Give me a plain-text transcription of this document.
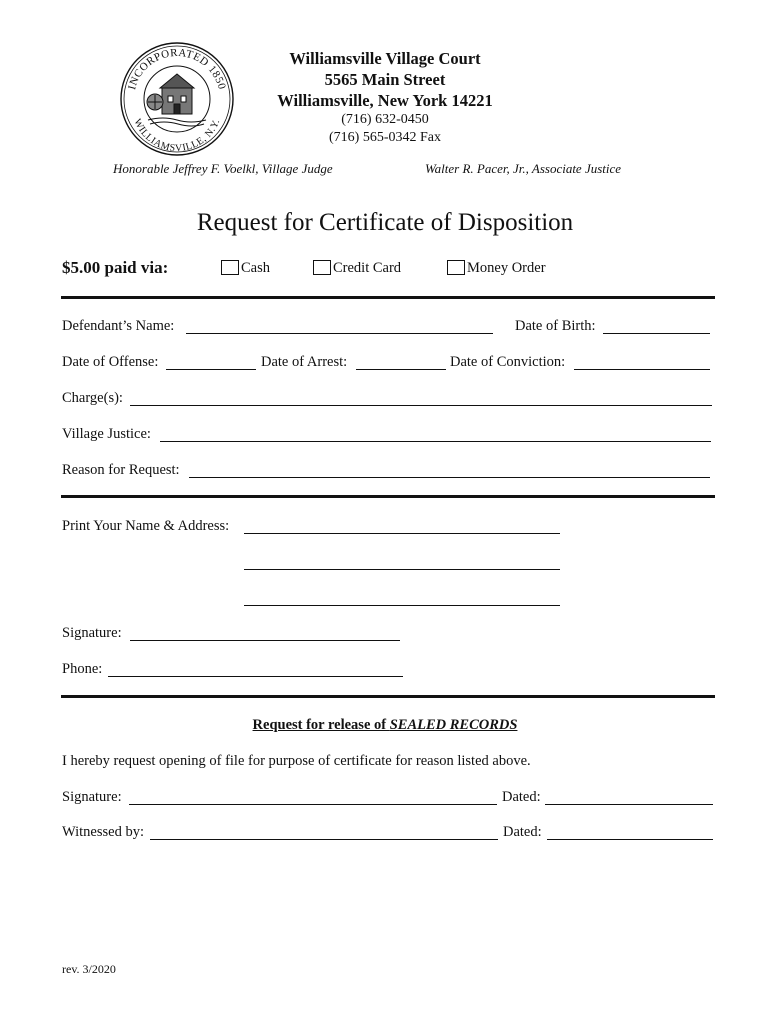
INCORPORATED 1850
WILLIAMSVILLE, N.Y.
Williamsville Village Court
5565 Main Street
Williamsville, New York 14221
(716) 632-0450
(716) 565-0342 Fax
Honorable Jeffrey F. Voelkl, Village Judge	Walter R. Pacer, Jr., Associate Justice
Request for Certificate of Disposition
$5.00 paid via:	Cash	Credit Card	Money Order
Defendant’s Name:	Date of Birth:
Date of Offense:	Date of Arrest:	Date of Conviction:
Charge(s):
Village Justice:
Reason for Request:
Print Your Name & Address:
Signature:
Phone:
Request for release of SEALED RECORDS
I hereby request opening of file for purpose of certificate for reason listed above.
Signature:	Dated:
Witnessed by:	Dated:
rev. 3/2020
